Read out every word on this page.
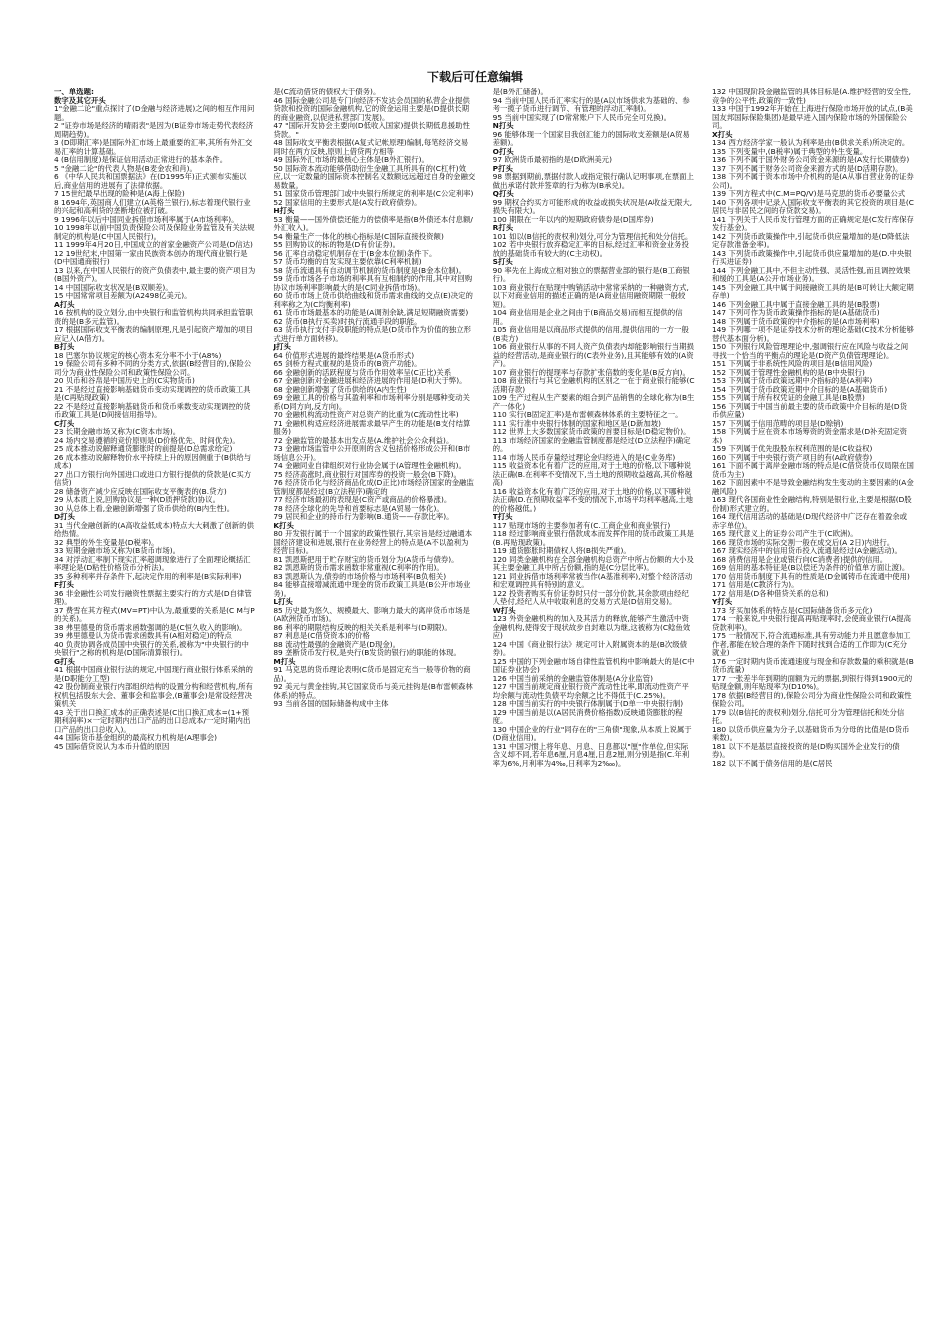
下载后可任意编辑

一、单选题:

数字及其它开头

1"金融二论"重点探讨了(D金融与经济进展)之间的相互作用问题。

2 "证券市场是经济的晴雨表"是因为(B证券市场走势代表经济周期趋势)。

3 (D即期汇率)是国际外汇市场上最重要的汇率,其所有外汇交易汇率的计算基础。

4 (B信用制度)是保证信用活动正常进行的基本条件。

5 "金融二论"的代表人物是(B麦金农和肖)。

6 《中华人民共和国票据法》在(D1995年)正式颁布实施以后,商业信用的进展有了法律依据。

7 15世纪最早出现的险种是(A海上保险)

8 1694年,英国商人们建立(A英格兰银行),标志着现代银行业的兴起和高利贷的垄断地位被打破。

9 1996年以后中国同业拆借市场利率属于(A市场利率)。

10 1998年以前中国负责保险公司及保险业务监管及有关法规制定的机构是(C中国人民银行)。

11 1999年4月20日,中国成立的首家金融资产公司是(D信达)

12 19世纪末,中国第一家由民族资本创办的现代商业银行是(D中国通商银行)

13 以来,在中国人民银行的资产负债表中,最主要的资产项目为(B国外资产)。

14 中国国际收支状况是(B双顺差)。

15 中国常常项目差额为(A2498亿美元)。

A打头

16 按机构的设立划分,由中央银行和监管机构共同承担监管职责的是(B多元监管)。

17 根据国际收支平衡表的编制原理,凡是引起资产增加的项目应记入(A借方)。

B打头

18 巴塞尔协议规定的核心资本充分率不小于(A8%)

19 保险公司有多种不同的分类方式,依据(B经营目的),保险公司分为商业性保险公司和政策性保险公司。

20 贝币和谷帛是中国历史上的(C实物货币)

21 不是经过直接影响基础货币变动实现调控的货币政策工具是(C再贴现政策)

22 不是经过直接影响基础货币和货币乘数变动实现调控的货币政策工具是(D间接信用指导)。

C打头

23 长期金融市场又称为(C资本市场)。

24 场内交易遵循的竞价原则是(D价格优先、时间优先)。

25 成本推动说解释通货膨胀时的前提是(D总需求给定)

26 成本推动说解释物价水平持续上升的原因侧重于(B供给与成本)

27 出口方银行向外国进口或进口方银行提供的贷款是(C买方信贷)

28 储备资产减少应反映在国际收支平衡表的(B.贷方)

29 从本质上说,回购协议是一种(D质押贷款)协议。

30 从总体上看,金融创新增强了货币供给的(B内生性)。

D打头

31 当代金融创新的(A高收益低成本)特点大大刺激了创新的供给热情。

32 典型的外生变量是(D税率)。

33 短期金融市场又称为(B货币市场)。

34 对浮动汇率制下现实汇率超调现象进行了全面理论概括汇率理论是(D粘性价格货币分析法)。

35 多种利率并存条件下,起决定作用的利率是(B实际利率)

F打头

36 非金融性公司发行融资性票据主要实行的方式是(D自律管理)。

37 费雪在其方程式(MV=PT)中认为,最重要的关系是(C M与P的关系)。

38 弗里德曼的货币需求函数强调的是(C恒久收入的影响)。

39 弗里德曼认为货币需求函数具有(A相对稳定)的特点

40 负责协调各成员国中央银行的关系,被称为"中央银行的中央银行"之称的机构是(D国际清算银行)。

G打头

41 根据中国商业银行法的规定,中国现行商业银行体系采纳的是(D职能分工型)

42 股份制商业银行内部组织结构的设置分构和经营机构,所有权机包括股东大会、董事会和监事会,(B董事会)是常设经营决策机关

43 关于出口换汇成本的正确表述是(C出口换汇成本=(1+预期利润率)×一定时期内出口产品的出口总成本/一定时期内出口产品的出口总收入)。

44 国际货币基金组织的最高权力机构是(A理事会)

45 国际借贷说认为本币升值的原因

是(C流动借贷的债权大于债务)。

46 国际金融公司是专门向经济不发达会员国的私营企业提供贷款和投资的国际金融机构,它的资金运用主要是(D提供长期的商业融资,以促进私营部门发展)。

47 "国际开发协会主要向(D低收入国家)提供长期低息援助性贷款。"

48 国际收支平衡表根据(A复式记帐原理)编制,每笔经济交易同时在两方反映,原则上借贷两方相等

49 国际外汇市场的最核心主体是(B外汇银行)。

50 国际资本流动能够借助衍生金融工具所具有的(C杠杆)效应,以一定数量的国际资本控制名义数额远远超过自身的金融交易数量。

51 国家货币管理部门或中央银行所规定的利率是(C公定利率)

52 国家信用的主要形式是(A发行政府债券)。

H打头

53 衡量——国外债偿还能力的偿债率是指(B外债还本付息额/外汇收入)。

54 衡量生产一体化的核心指标是(C国际直接投资额)

55 回购协议的标的物是(D有价证券)。

56 汇率自动稳定机制存在于(B金本位制)条件下。

57 货币均衡的自发实现主要依靠(C利率机制)

58 货币流通具有自动调节机制的货币制度是(B金本位制)。

59 货币市场各子市场的利率具有互相制约的作用,其中对回购协议市场利率影响最大的是(C同业拆借市场)。

60 货币市场上货币供给曲线和货币需求曲线的交点(E)决定的利率称之为(C均衡利率)

61 货币市场最基本的功能是(A调剂余缺,满足短期融资需要)

62 货币(B执行买卖)时执行流通手段的职能。

63 货币执行支付手段职能的特点是(D货币作为价值的独立形式进行单方面转移)。

J打头

64 价值形式进展的最终结果是(A货币形式)

65 剑桥方程式重视的是货币的(B资产功能)。

66 金融创新的活跃程度与货币作用效率呈(C正比)关系

67 金融创新对金融进展和经济进展的作用是(D利大于弊)。

68 金融创新增强了货币供给的(A内生性)

69 金融工具的价格与其盈利率和市场利率分别是哪种变动关系(D同方向,反方向)。

70 金融机构流动性资产对总资产的比重为(C流动性比率)

71 金融机构适应经济进展需求最早产生的功能是(B支付结算服务)

72 金融监管的最基本出发点是(A.维护社会公众利益)。

73 金融市场监管中公开原则的含义包括价格形成公开和(B市场信息公开)。

74 金融同业自律组织对行业协会属于(A管理性金融机构)。

75 经济高涨时,商业银行对国库券的投资一般会(B下降)。

76 经济货币化与经济商品化成(D正比)市场经济国家的金融监管制度都是经过(B立法程序)确定的

77 经济市场最初的表现是(C资产或商品的价格暴涨)。

78 经济全球化的先导和首要标志是(A贸易一体化)。

79 居民和企业的持币行为影响(B.通货——存款比率)。

K打头

80 开发银行属于一个国家的政策性银行,其宗旨是经过融通本国经济建设和进展,银行在业务经营上的特点是(A不以盈利为经营目标)。

81 凯恩斯把用于贮存财宝的货币划分为(A货币与债券)。

82 凯恩斯的货币需求函数非常重视(C利率的作用)。

83 凯恩斯认为,债券的市场价格与市场利率(B负相关)

84 能够直接增减流通中现金的货币政策工具是(B公开市场业务)。

L打头

85 历史最为悠久、规模最大、影响力最大的离岸货币市场是(A欧洲货币市场)。

86 利率的期限结构反映的相关关系是利率与(D期限)。

87 利息是(C借贷资本)的价格

88 流动性最强的金融资产是(D现金)。

89 垄断货币发行权,是央行(B发货的银行)的职能的体现。

M打头

91 马克思的货币理论表明(C货币是固定充当一般等价物的商品)。

92 美元与黄金挂钩,其它国家货币与美元挂钩是(B布雷顿森林体系)的特点。

93 当前各国的国际储备构成中主体

是(B外汇储备)。

94 当前中国人民币汇率实行的是(A以市场供求为基础的、参考一揽子货币进行调节、有管理的浮动汇率制)。

95 当前中国实现了(D常常账户下人民币完全可兑换)。

N打头

96 能够体现一个国家目我创汇能力的国际收支差额是(A贸易差额)。

O打头

97 欧洲货币最初指的是(D欧洲美元)

P打头

98 票据到期前,票据付款人或指定银行确认记明事项,在票面上做出承诺付款并签章的行为称为(B承兑)。

Q打头

99 期权合约买方可能形成的收益或损失状况是(A收益无限大,损失有限大)。

100 期限在一年以内的短期政府债券是(D国库券)

R打头

101 如以(B信托的责权利)划分,可分为管理信托和处分信托。

102 若中央银行放弃稳定汇率的目标,经过汇率和资金业务投放的基础货币有较大的(C主动权)。

S打头

90 率先在上海成立相对独立的票据营业部的银行是(B工商银行)。

103 商业银行在贴现中购销活动中常常采纳的一种融资方式,以下对商业信用的描述正确的是(A商业信用融资期限一般较短)。

104 商业信用是企业之间由于(B商品交易)而相互提供的信用。

105 商业信用是以商品形式提供的信用,提供信用的一方一般(B卖方)

106 商业银行从事的不同人资产负债表内却能影响银行当期损益的经营活动,是商业银行的(C表外业务),且其能够有效的(A资产)。

107 商业银行的提现率与存款扩张倍数的变化是(B反方向)。

108 商业银行与其它金融机构的区别之一在于商业银行能够(C活期存款)

109 生产过程从生产要素的组合到产品销售的全球化称为(B生产一体化)

110 实行(B固定汇率)是布雷顿森林体系的主要特征之一。

111 实行准中央银行体制的国家和地区是(D新加坡)

112 世界上大多数国家货币政策的首要目标是(D稳定物价)。

113 市场经济国家的金融监管制度都是经过(D立法程序)确定的。

114 市场人民币存量经过理论金归经进入的是(C业务库)

115 收益资本化有着广泛的应用,对于土地的价格,以下哪种说法正确(B.在利率不变情况下,当土地的预期收益越高,其价格越高)

116 收益资本化有着广泛的应用,对于土地的价格,以下哪种说法正确(D.在预期收益率不变的情况下,市场平均利率越高,土地的价格越低。)

T打头

117 贴现市场的主要参加者有(C.工商企业和商业银行)

118 经过影响商业银行借款成本而发挥作用的货币政策工具是(B.再贴现政策)。

119 通货膨胀时期债权人将(B损失严重)。

120 同类金融机构在全部金融机构总资产中所占份额的大小及其主要金融工具中所占份额,指的是(C分层比率)。

121 同业拆借市场利率常被当作(A基准利率),对整个经济活动和宏观调控具有特别的意义。

122 投资者购买有价证券时只付一部分价款,其余款项由经纪人垫付,经纪人从中收取利息的交易方式是(D信用交易)。

W打头

123 外资金融机构的加入及其活力的释放,能够产生激活中资金融机构,使得安于现状故步自封难以为继,这被称为(C鲶鱼效应)

124 中国《商业银行法》规定可计入附属资本的是(B次级债券)。

125 中国的下列金融市场自律性监管机构中影响最大的是(C中国证券业协会)

126 中国当前采纳的金融监管体制是(A分业监管)

127 中国当前规定商业银行资产流动性比率,即流动性资产平均余额与流动性负债平均余额之比不得低于(C.25%)。

128 中国当前实行的中央银行体制属于(D单一中央银行制)

129 中国当前是以(A居民消费价格指数)反映通货膨胀的程度。

130 中国企业的行业"同存在的"三角债"现象,从本质上说属于(D商业信用)。

131 中国习惯上将年息、月息、日息都以"厘"作单位,但实际含义却不同,若年息6厘,月息4厘,日息2厘,则分别是指(C.年利率为6%,月利率为4‰,日利率为2‱)。

132 中国现阶段金融监管的具体目标是(A.维护经营的安全性,竞争的公平性,政策的一致性)

133 中国于1992年开始在上海进行保险市场开放的试点,(B美国友邦国际保险集团)是最早进入国内保险市场的外国保险公司。

X打头

134 西方经济学家一般认为利率是由(B供求关系)所决定的。

135 下列变量中,(B税率)属于典型的外生变量。

136 下列不属于国外财务公司资金来源的是(A发行长期债券)

137 下列不属于财务公司资金来源方式的是(D活期存款)。

138 下列不属于资本市场中介机构的是(A从事自营业务的证券公司)。

139 下列方程式中(C.M=PQ/V)是马克思的货币必要量公式

140 下列各项中记录入国际收支平衡表的其它投资的项目是(C居民与非居民之间的存贷款交易)。

141 下列关于人民币发行管理方面的正确规定是(C发行库保存发行基金)。

142 下列货币政策操作中,引起货币供应量增加的是(D降低法定存款准备金率)。

143 下列货币政策操作中,引起货币供应量增加的是(D.中央银行买进证券)

144 下列金融工具中,不但主动性强、灵活性强,而且调控效果和缓的工具是(A公开市场业务)。

145 下列金融工具中属于间接融资工具的是(B可转让大额定期存单)

146 下列金融工具中属于直接金融工具的是(B股票)

147 下列可作为货币政策操作指标的是(A基础货币)

148 下列属于货币政策的中介指标的是(A市场利率)

149 下列哪一项不是证券技术分析的理论基础(C技术分析能够替代基本面分析)。

150 下列银行风险管理理论中,强调银行应在风险与收益之间寻找一个恰当的平衡点的理论是(D资产负债管理理论)。

151 下列属于非系统性风险的项目是(B信用风险)

152 下列属于管理性金融机构的是(B中央银行)

153 下列属于货币政策远期中介指标的是(A利率)

154 下列属于货币政策近期中介目标的是(A基础货币)

155 下列属于所有权凭证的金融工具是(B股票)

156 下列属于中国当前最主要的货币政策中介目标的是(D货币供应量)

157 下列属于信用范畴的项目是(D赊销)

158 下列属于应在资本市场筹资的资金需求是(D补充固定资本)

159 下列属于优先股股东权利范围的是(C收益权)

160 下列属于中央银行资产项目的有(A政府债券)

161 下面不属于离岸金融市场的特点是(C借贷货币仅局限在国货币为主)

162 下面因素中不是导致金融结构发生变动的主要因素的(A金融风险)

163 现代各国商业性金融结构,特别是银行业,主要是根据(D股份制)形式建立的。

164 现代信用活动的基础是(D现代经济中广泛存在着盈余或赤字单位)。

165 现代意义上的证券公司产生于(C欧洲)。

166 现货市场的实际交割一般在成交后(A 2日)内进行。

167 现实经济中的信用货币投入流通是经过(A金融活动)。

168 消费信用是企业或银行向(C消费者)提供的信用。

169 信用的基本特征是(B以偿还为条件的价值单方面让渡)。

170 信用货币制度下具有的性质是(D金属铸币在流通中使用)

171 信用是(C教济行为)。

172 信用是(D各种借贷关系的总和)

Y打头

173 牙买加体系的特点是(C国际储备货币多元化)

174 一般来说,中央银行提高再贴现率时,会使商业银行(A提高贷款利率)。

175 一般情况下,符合流通标准,具有劳动能力并且愿意参加工作者,都能在较合理的条件下随时找到合适的工作即为(C充分就业)

176 一定时期内货币流通速度与现金和存款数量的乘积就是(B货币流量)

177 一张差半年到期的面额为元的票据,到银行得到1900元的贴现金额,则年贴现率为(D10%)。

178 依据(B经营目的),保险公司分为商业性保险公司和政策性保险公司。

179 以(B信托的责权利)划分,信托可分为管理信托和处分信托。

180 以货币供应量为分子,以基础货币为分母的比值是(D货币乘数)。

181 以下不是基层直接投资的是(D购买国外企业发行的债券)。

182 以下不属于债务信用的是(C居民
